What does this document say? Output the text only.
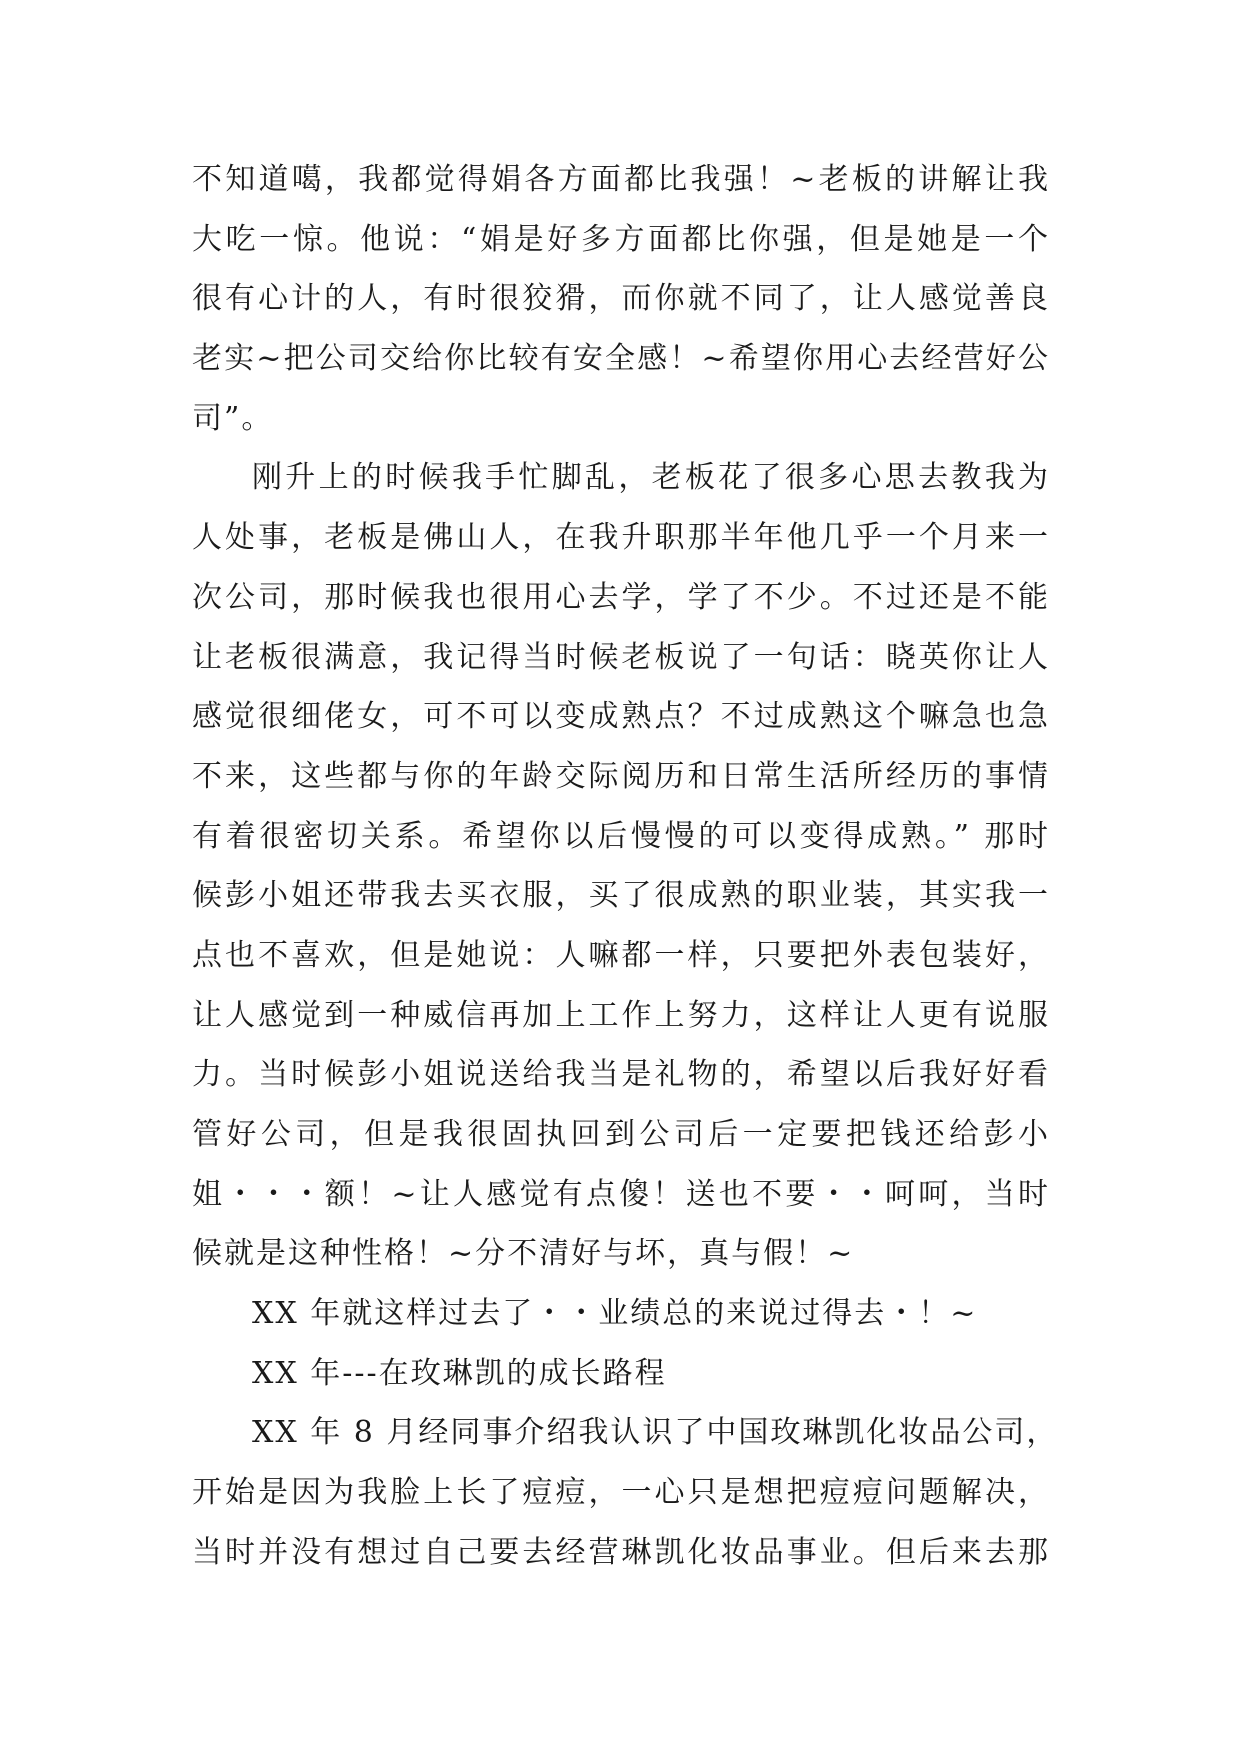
不知道噶，我都觉得娟各方面都比我强！~老板的讲解让我
大吃一惊。他说：“娟是好多方面都比你强，但是她是一个
很有心计的人，有时很狡猾，而你就不同了，让人感觉善良
老实~把公司交给你比较有安全感！~希望你用心去经营好公
司”。
刚升上的时候我手忙脚乱，老板花了很多心思去教我为
人处事，老板是佛山人，在我升职那半年他几乎一个月来一
次公司，那时候我也很用心去学，学了不少。不过还是不能
让老板很满意，我记得当时候老板说了一句话：晓英你让人
感觉很细佬女，可不可以变成熟点？不过成熟这个嘛急也急
不来，这些都与你的年龄交际阅历和日常生活所经历的事情
有着很密切关系。希望你以后慢慢的可以变得成熟。” 那时
候彭小姐还带我去买衣服，买了很成熟的职业装，其实我一
点也不喜欢，但是她说：人嘛都一样，只要把外表包装好，
让人感觉到一种威信再加上工作上努力，这样让人更有说服
力。当时候彭小姐说送给我当是礼物的，希望以后我好好看
管好公司，但是我很固执回到公司后一定要把钱还给彭小
姐・・・额！~让人感觉有点傻！送也不要・・呵呵，当时
候就是这种性格！~分不清好与坏，真与假！~
XX 年就这样过去了・・业绩总的来说过得去・！~
XX 年---在玫琳凯的成长路程
XX 年 8 月经同事介绍我认识了中国玫琳凯化妆品公司，
开始是因为我脸上长了痘痘，一心只是想把痘痘问题解决，
当时并没有想过自己要去经营琳凯化妆品事业。但后来去那
